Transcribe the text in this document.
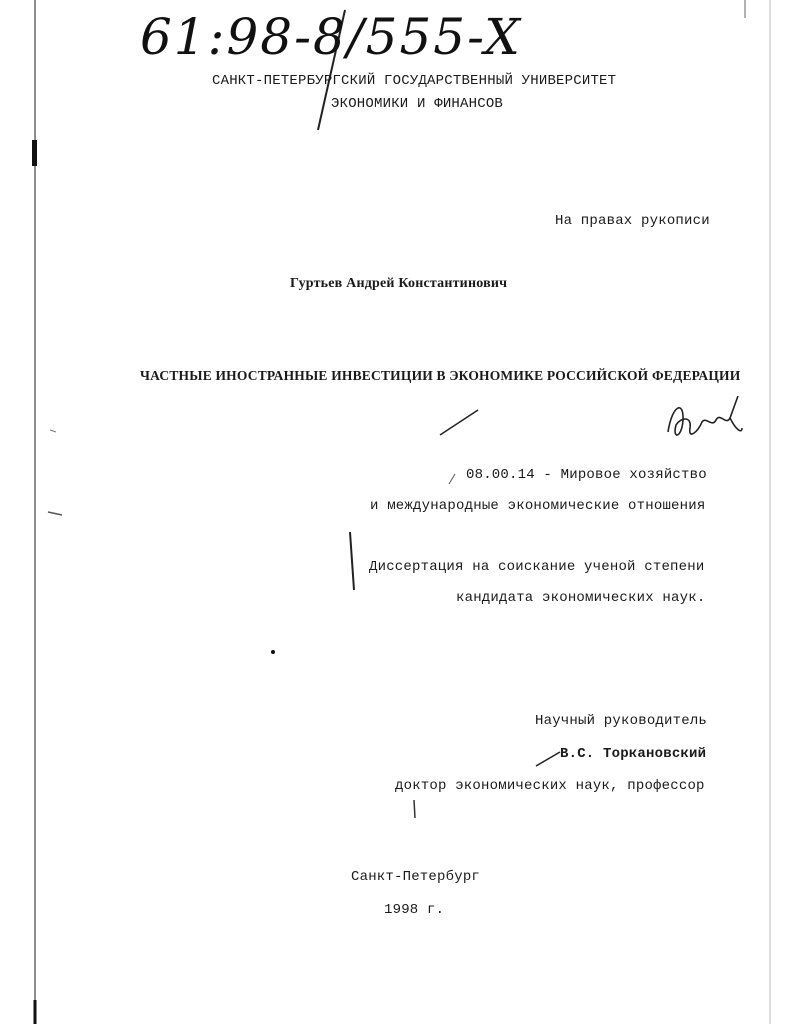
61:98-8/555-X
САНКТ-ПЕТЕРБУРГСКИЙ ГОСУДАРСТВЕННЫЙ УНИВЕРСИТЕТ
ЭКОНОМИКИ И ФИНАНСОВ
На правах рукописи
Гуртьев Андрей Константинович
ЧАСТНЫЕ ИНОСТРАННЫЕ ИНВЕСТИЦИИ В ЭКОНОМИКЕ РОССИЙСКОЙ ФЕДЕРАЦИИ
08.00.14 - Мировое хозяйство
и международные экономические отношения
Диссертация на соискание ученой степени
кандидата экономических наук.
Научный руководитель
В.С. Торкановский
доктор экономических наук, профессор
Санкт-Петербург
1998 г.
